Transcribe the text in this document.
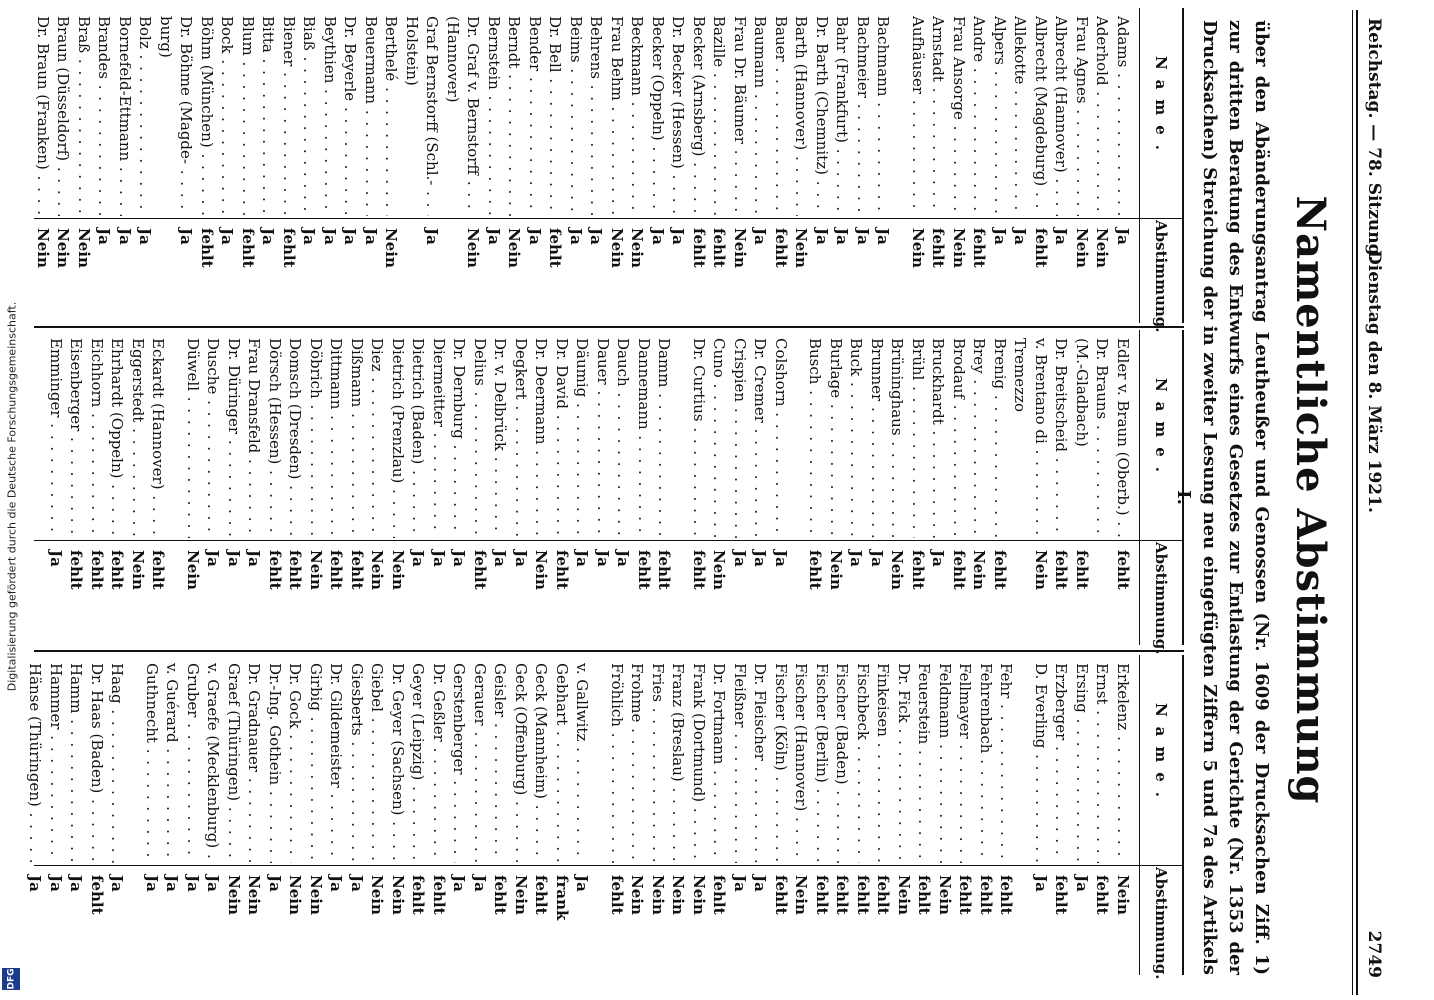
Digitalisierung gefördert durch die Deutsche Forschungsgemeinschaft.
DFG
Reichstag. — 78. Sitzung.
Dienstag den 8. März 1921.
2749
Namentliche Abstimmung
über den Abänderungsantrag Leutheußer und Genossen (Nr. 1609 der Drucksachen Ziff. 1) zur dritten Beratung des Entwurfs eines Gesetzes zur Entlastung der Gerichte (Nr. 1353 der Drucksachen) Streichung der in zweiter Lesung neu eingefügten Ziffern 5 und 7a des Artikels I.
Name.
Abstimmung.
Adams . . .
Ja
Aderhold . . .
Nein
Frau Agnes . . .
Nein
Albrecht (Hannover) . . .
Ja
Albrecht (Magdeburg) . . .
fehlt
Allekotte . . .
Ja
Alpers . . .
Ja
Andre . . .
fehlt
Frau Ansorge . . .
Nein
Arnstadt . . .
fehlt
Aufhäuser . . .
Nein
Bachmann . . .
Ja
Bachmeier . . .
Ja
Bahr (Frankfurt) . . .
Ja
Dr. Barth (Chemnitz) . . .
Ja
Barth (Hannover) . . .
Nein
Bauer . . .
fehlt
Baumann . . .
Ja
Frau Dr. Bäumer . . .
Nein
Bazille . . .
fehlt
Becker (Arnsberg) . . .
fehlt
Dr. Becker (Hessen) . . .
Ja
Becker (Oppeln) . . .
Ja
Beckmann . . .
Nein
Frau Behm . . .
Nein
Behrens . . .
Ja
Beims . . .
Ja
Dr. Bell . . .
fehlt
Bender . . .
Ja
Berndt . . .
Nein
Bernstein . . .
Ja
Dr. Graf v. Bernstorff . . .
Nein
(Hannover)
Graf Bernstorff (Schl.- . . .
Ja
Holstein)
Berthelé . . .
Nein
Beuermann . . .
Ja
Dr. Beyerle . . .
Ja
Beythien . . .
Ja
Biaß . . .
Ja
Biener . . .
fehlt
Bitta . . .
Ja
Blum . . .
fehlt
Bock . . .
Ja
Böhm (München) . . .
fehlt
Dr. Böhme (Magde- . . .
Ja
burg)
Bolz . . .
Ja
Bornefeld-Ettmann . . .
Ja
Brandes . . .
Ja
Braß . . .
Nein
Braun (Düsseldorf) . . .
Nein
Dr. Braun (Franken) . . .
Nein
Name.
Abstimmung.
Edler v. Braun (Oberb.) . . .
fehlt
Dr. Brauns . . .
(M.-Gladbach)
fehlt
Dr. Breitscheid . . .
fehlt
v. Brentano di . . .
Nein
Tremezzo
Brenig . . .
fehlt
Brey . . .
Nein
Brodauf . . .
fehlt
Bruckhardt . . .
Ja
Brühl . . .
fehlt
Brüninghaus . . .
Nein
Brunner . . .
Ja
Buck . . .
Ja
Burlage . . .
Nein
Busch . . .
fehlt
Colshorn . . .
Ja
Dr. Cremer . . .
Ja
Crispien . . .
Ja
Cuno . . .
Nein
Dr. Curtius . . .
fehlt
Damm . . .
fehlt
Dannemann . . .
fehlt
Dauch . . .
Ja
Dauer . . .
Ja
Däumig . . .
Ja
Dr. David . . .
fehlt
Dr. Deermann . . .
Nein
Degkert . . .
Ja
Dr. v. Delbrück . . .
Ja
Delius . . .
fehlt
Dr. Dernburg . . .
Ja
Diermeitter . . .
Ja
Dietrich (Baden) . . .
Ja
Dietrich (Prenzlau) . . .
Nein
Diez . . .
Nein
Dißmann . . .
fehlt
Dittmann . . .
fehlt
Döbrich . . .
Nein
Domsch (Dresden) . . .
fehlt
Dörsch (Hessen) . . .
fehlt
Frau Dransfeld . . .
Ja
Dr. Düringer . . .
Ja
Dusche . . .
Ja
Düwell . . .
Nein
Eckardt (Hannover) . . .
fehlt
Eggerstedt . . .
Nein
Ehrhardt (Oppeln) . . .
fehlt
Eichhorn . . .
fehlt
Eisenberger . . .
fehlt
Emminger . . .
Ja
Name.
Abstimmung.
Erkelenz . . .
Nein
Ernst . . .
fehlt
Ersing . . .
Ja
Erzberger . . .
fehlt
D. Everling . . .
Ja
Fehr . . .
fehlt
Fehrenbach . . .
fehlt
Fellmayer . . .
fehlt
Feldmann . . .
Nein
Feuerstein . . .
fehlt
Dr. Fick . . .
Nein
Finkeisen . . .
fehlt
Fischbeck . . .
fehlt
Fischer (Baden) . . .
fehlt
Fischer (Berlin) . . .
fehlt
Fischer (Hannover) . . .
Nein
Fischer (Köln) . . .
fehlt
Dr. Fleischer . . .
Ja
Fleißner . . .
Ja
Dr. Fortmann . . .
fehlt
Frank (Dortmund) . . .
Nein
Franz (Breslau) . . .
Nein
Fries . . .
Nein
Frohme . . .
Nein
Fröhlich . . .
fehlt
v. Gallwitz . . .
Ja
Gebhart . . .
frank
Geck (Mannheim) . . .
fehlt
Geck (Offenburg) . . .
Nein
Geisler . . .
fehlt
Gerauer . . .
Ja
Gerstenberger . . .
Ja
Dr. Geßler . . .
fehlt
Geyer (Leipzig) . . .
fehlt
Dr. Geyer (Sachsen) . . .
Nein
Giebel . . .
Nein
Giesberts . . .
Ja
Dr. Gildemeister . . .
Ja
Girbig . . .
Nein
Dr. Gock . . .
Nein
Dr.-Ing. Gothein . . .
Ja
Dr. Gradnauer . . .
Nein
Graef (Thüringen) . . .
Nein
v. Graefe (Mecklenburg) . . .
Ja
Gruber . . .
Ja
v. Guérard . . .
Ja
Guthnecht . . .
Ja
Haag . . .
Ja
Dr. Haas (Baden) . . .
fehlt
Hamm . . .
Ja
Hammer . . .
Ja
Hänse (Thüringen) . . .
Ja
